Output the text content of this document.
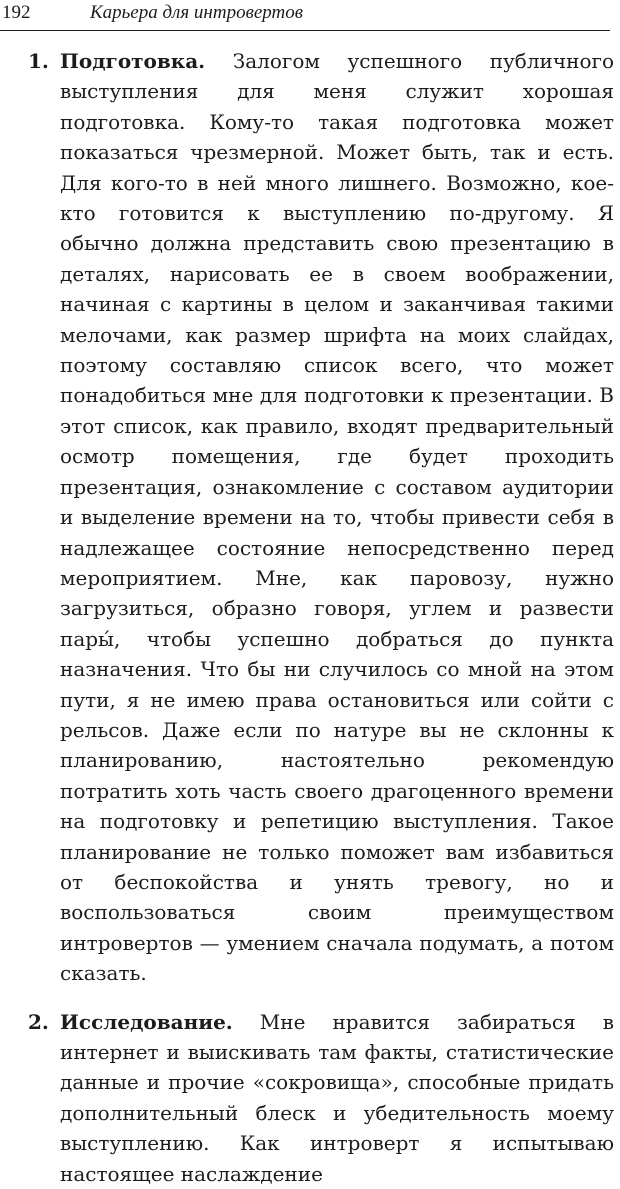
192	Карьера для интровертов
1. Подготовка. Залогом успешного публичного выступления для меня служит хорошая подготовка. Кому-то такая подготовка может показаться чрезмерной. Может быть, так и есть. Для кого-то в ней много лишнего. Возможно, кое-кто готовится к выступлению по-другому. Я обычно должна представить свою презентацию в деталях, нарисовать ее в своем воображении, начиная с картины в целом и заканчивая такими мелочами, как размер шрифта на моих слайдах, поэтому составляю список всего, что может понадобиться мне для подготовки к презентации. В этот список, как правило, входят предварительный осмотр помещения, где будет проходить презентация, ознакомление с составом аудитории и выделение времени на то, чтобы привести себя в надлежащее состояние непосредственно перед мероприятием. Мне, как паровозу, нужно загрузиться, образно говоря, углем и развести пары́, чтобы успешно добраться до пункта назначения. Что бы ни случилось со мной на этом пути, я не имею права остановиться или сойти с рельсов. Даже если по натуре вы не склонны к планированию, настоятельно рекомендую потратить хоть часть своего драгоценного времени на подготовку и репетицию выступления. Такое планирование не только поможет вам избавиться от беспокойства и унять тревогу, но и воспользоваться своим преимуществом интровертов — умением сначала подумать, а потом сказать.
2. Исследование. Мне нравится забираться в интернет и выискивать там факты, статистические данные и прочие «сокровища», способные придать дополнительный блеск и убедительность моему выступлению. Как интроверт я испытываю настоящее наслаждение
